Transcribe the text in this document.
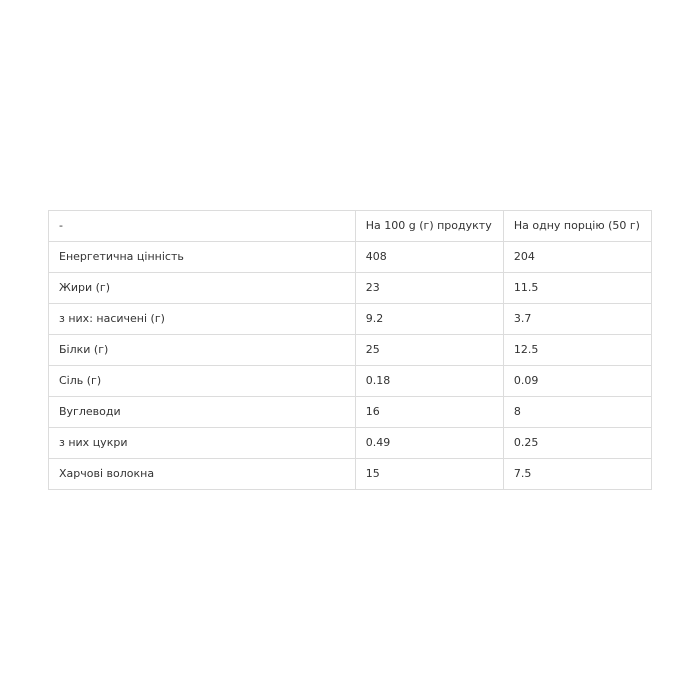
-	На 100 g (г) продукту	На одну порцію (50 г)
Енергетична цінність	408	204
Жири (г)	23	11.5
з них: насичені (г)	9.2	3.7
Білки (г)	25	12.5
Сіль (г)	0.18	0.09
Вуглеводи	16	8
з них цукри	0.49	0.25
Харчові волокна	15	7.5
